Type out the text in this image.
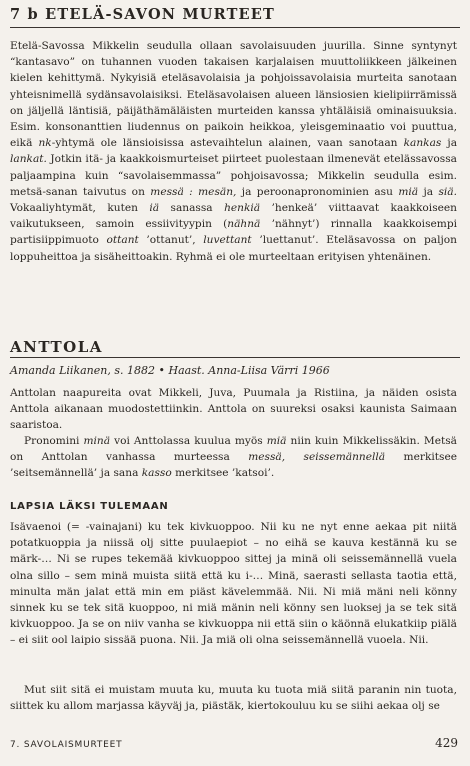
7 b ETELÄ-SAVON MURTEET

Etelä-Savossa Mikkelin seudulla ollaan savolaisuuden juurilla. Sinne syntynyt “kantasavo” on tuhannen vuoden takaisen karjalaisen muuttoliikkeen jälkeinen kielen kehittymä. Nykyisiä eteläsavolaisia ja pohjoissavolaisia murteita sanotaan yhteisnimellä sydänsavolaisiksi. Eteläsavolaisen alueen länsiosien kielipiirrämissä on jäljellä läntisiä, päijäthämäläisten murteiden kanssa yhtäläisiä ominaisuuksia. Esim. konsonanttien liudennus on paikoin heikkoa, yleisgeminaatio voi puuttua, eikä nk-yhtymä ole länsioisissa astevaihtelun alainen, vaan sanotaan kankas ja lankat. Jotkin itä- ja kaakkoismurteiset piirteet puolestaan ilmenevät etelässavossa paljaampina kuin “savolaisemmassa” pohjoisavossa; Mikkelin seudulla esim. metsä-sanan taivutus on messä : mesän, ja peroonapronominien asu miä ja siä. Vokaaliyhtymät, kuten iä sanassa henkiä ’henkeä’ viittaavat kaakkoiseen vaikutukseen, samoin essiivityypin (nähnä ’nähnyt’) rinnalla kaakkoisempi partisiippimuoto ottant ’ottanut’, luvettant ’luettanut’. Eteläsavossa on paljon loppuheittoa ja sisäheittoakin. Ryhmä ei ole murteeltaan erityisen yhtenäinen.

ANTTOLA
Amanda Liikanen, s. 1882 • Haast. Anna-Liisa Värri 1966

Anttolan naapureita ovat Mikkeli, Juva, Puumala ja Ristiina, ja näiden osista Anttola aikanaan muodostettiinkin. Anttola on suureksi osaksi kaunista Saimaan saaristoa.

Pronomini minä voi Anttolassa kuulua myös miä niin kuin Mikkelissäkin. Metsä on Anttolan vanhassa murteessa messä, seissemännellä merkitsee ’seitsemännellä’ ja sana kasso merkitsee ’katsoi’.

LAPSIA LÄKSI TULEMAAN

Isävaenoi (= -vainajani) ku tek kivkuoppoo. Nii ku ne nyt enne aekaa pit niitä potatkuoppia ja niissä olj sitte puulaepiot – no eihä se kauva kestännä ku se märk-… Ni se rupes tekemää kivkuoppoo sittej ja minä oli seissemännellä vuela olna sillo – sem minä muista siitä että ku i-… Minä, saerasti sellasta taotia että, minulta män jalat että min em piäst kävelemmää. Nii. Ni miä mäni neli könny sinnek ku se tek sitä kuoppoo, ni miä mänin neli könny sen luoksej ja se tek sitä kivkuoppoo. Ja se on niiv vanha se kivkuoppa nii että siin o käönnä elukatkiip piälä – ei siit ool laipio sissää puona. Nii. Ja miä oli olna seissemännellä vuoela. Nii.

Mut siit sitä ei muistam muuta ku, muuta ku tuota miä siitä paranin nin tuota, siittek ku allom marjassa käyväj ja, piästäk, kiertokouluu ku se siihi aekaa olj se

7. SAVOLAISMURTEET	429
